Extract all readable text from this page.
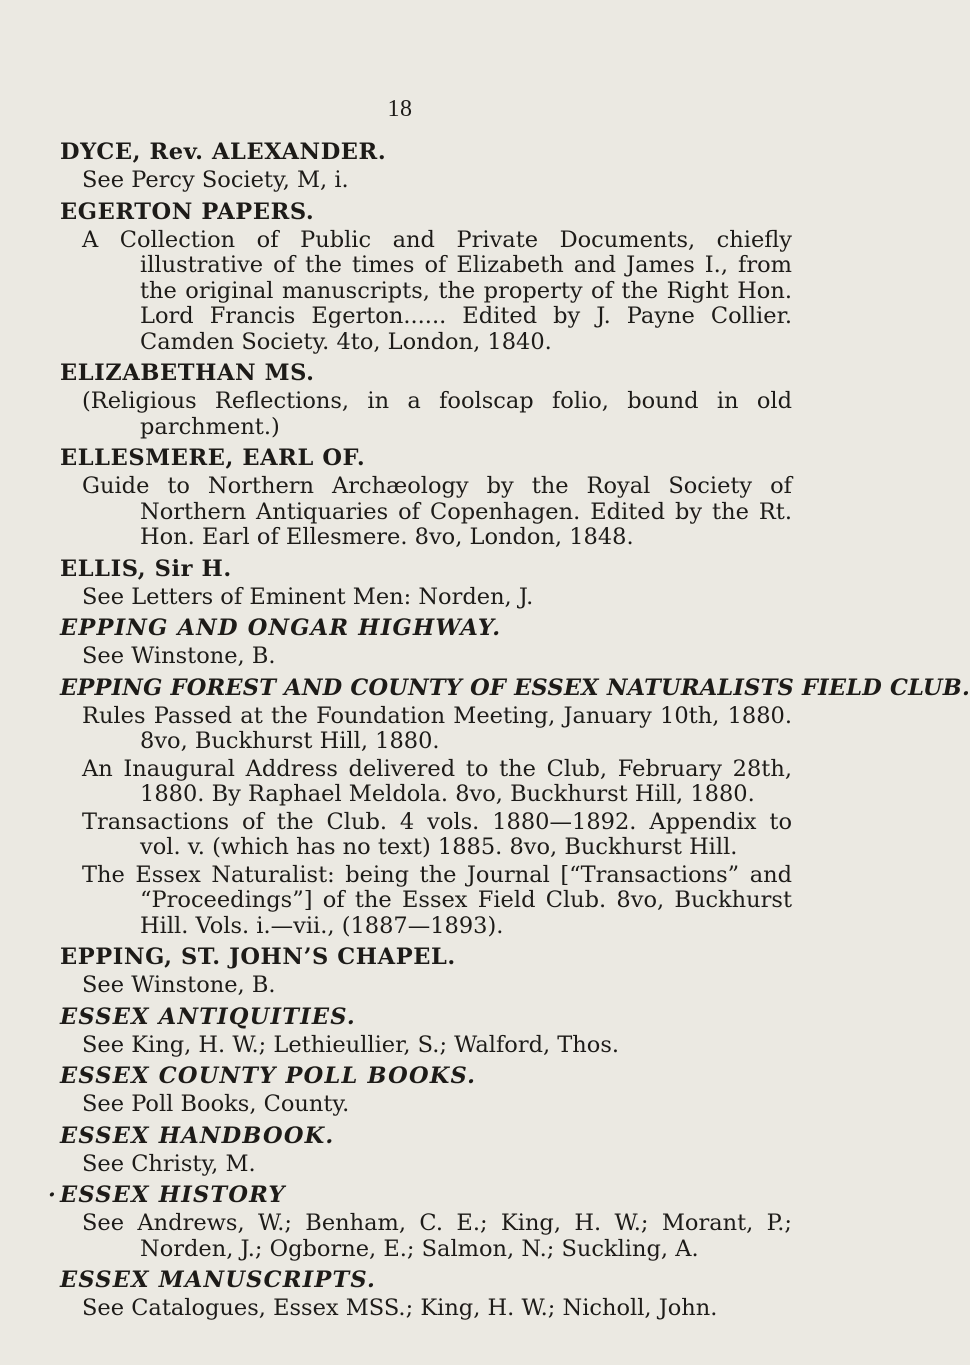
18
DYCE, Rev. ALEXANDER.
See Percy Society, M, i.
EGERTON PAPERS.
A Collection of Public and Private Documents, chiefly illustrative of the times of Elizabeth and James I., from the original manuscripts, the property of the Right Hon. Lord Francis Egerton...... Edited by J. Payne Collier. Camden Society. 4to, London, 1840.
ELIZABETHAN MS.
(Religious Reflections, in a foolscap folio, bound in old parchment.)
ELLESMERE, EARL OF.
Guide to Northern Archæology by the Royal Society of Northern Antiquaries of Copenhagen. Edited by the Rt. Hon. Earl of Ellesmere. 8vo, London, 1848.
ELLIS, Sir H.
See Letters of Eminent Men: Norden, J.
EPPING AND ONGAR HIGHWAY.
See Winstone, B.
EPPING FOREST AND COUNTY OF ESSEX NATURALISTS FIELD CLUB.
Rules Passed at the Foundation Meeting, January 10th, 1880. 8vo, Buckhurst Hill, 1880.
An Inaugural Address delivered to the Club, February 28th, 1880. By Raphael Meldola. 8vo, Buckhurst Hill, 1880.
Transactions of the Club. 4 vols. 1880—1892. Appendix to vol. v. (which has no text) 1885. 8vo, Buckhurst Hill.
The Essex Naturalist: being the Journal [“Transactions” and “Proceedings”] of the Essex Field Club. 8vo, Buckhurst Hill. Vols. i.—vii., (1887—1893).
EPPING, ST. JOHN’S CHAPEL.
See Winstone, B.
ESSEX ANTIQUITIES.
See King, H. W.; Lethieullier, S.; Walford, Thos.
ESSEX COUNTY POLL BOOKS.
See Poll Books, County.
ESSEX HANDBOOK.
See Christy, M.
· ESSEX HISTORY
See Andrews, W.; Benham, C. E.; King, H. W.; Morant, P.; Norden, J.; Ogborne, E.; Salmon, N.; Suckling, A.
ESSEX MANUSCRIPTS.
See Catalogues, Essex MSS.; King, H. W.; Nicholl, John.
